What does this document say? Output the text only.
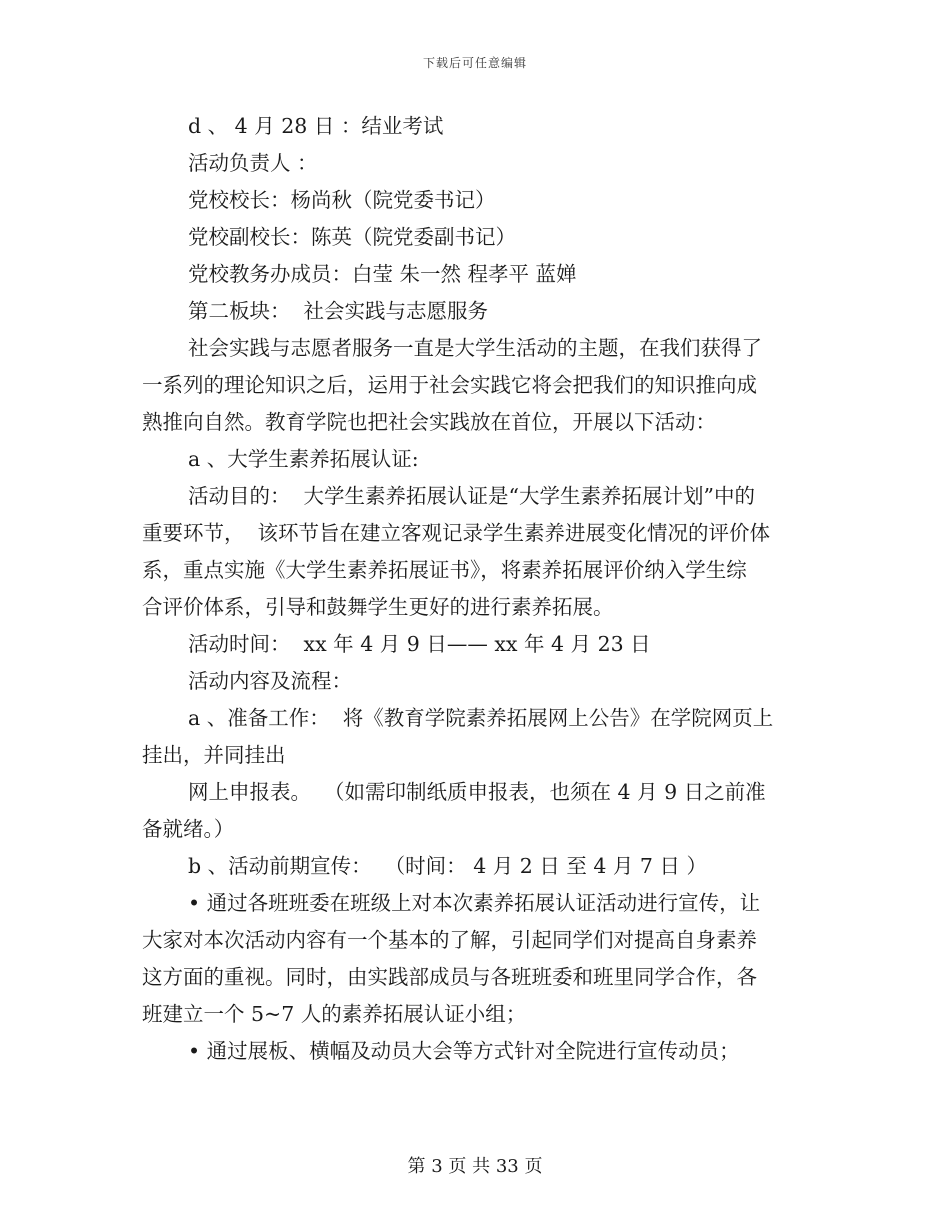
下载后可任意编辑
d 、 4 月 28 日 ：结业考试
活动负责人 ：
党校校长：杨尚秋（院党委书记）
党校副校长：陈英（院党委副书记）
党校教务办成员：白莹 朱一然 程孝平 蓝婵
第二板块：  社会实践与志愿服务
社会实践与志愿者服务一直是大学生活动的主题，在我们获得了
一系列的理论知识之后，运用于社会实践它将会把我们的知识推向成
熟推向自然。教育学院也把社会实践放在首位，开展以下活动：
a 、大学生素养拓展认证:
活动目的：  大学生素养拓展认证是“大学生素养拓展计划”中的
重要环节，  该环节旨在建立客观记录学生素养进展变化情况的评价体
系，重点实施《大学生素养拓展证书》，将素养拓展评价纳入学生综
合评价体系，引导和鼓舞学生更好的进行素养拓展。
活动时间：  xx 年 4 月 9 日—— xx 年 4 月 23 日
活动内容及流程：
a 、准备工作：  将《教育学院素养拓展网上公告》在学院网页上
挂出，并同挂出
网上申报表。  （如需印制纸质申报表，也须在 4 月 9 日之前准
备就绪。）
b 、活动前期宣传：  （时间： 4 月 2 日 至 4 月 7 日 ）
• 通过各班班委在班级上对本次素养拓展认证活动进行宣传，让
大家对本次活动内容有一个基本的了解，引起同学们对提高自身素养
这方面的重视。同时，由实践部成员与各班班委和班里同学合作，各
班建立一个 5~7 人的素养拓展认证小组；
• 通过展板、横幅及动员大会等方式针对全院进行宣传动员；
第 3 页 共 33 页
